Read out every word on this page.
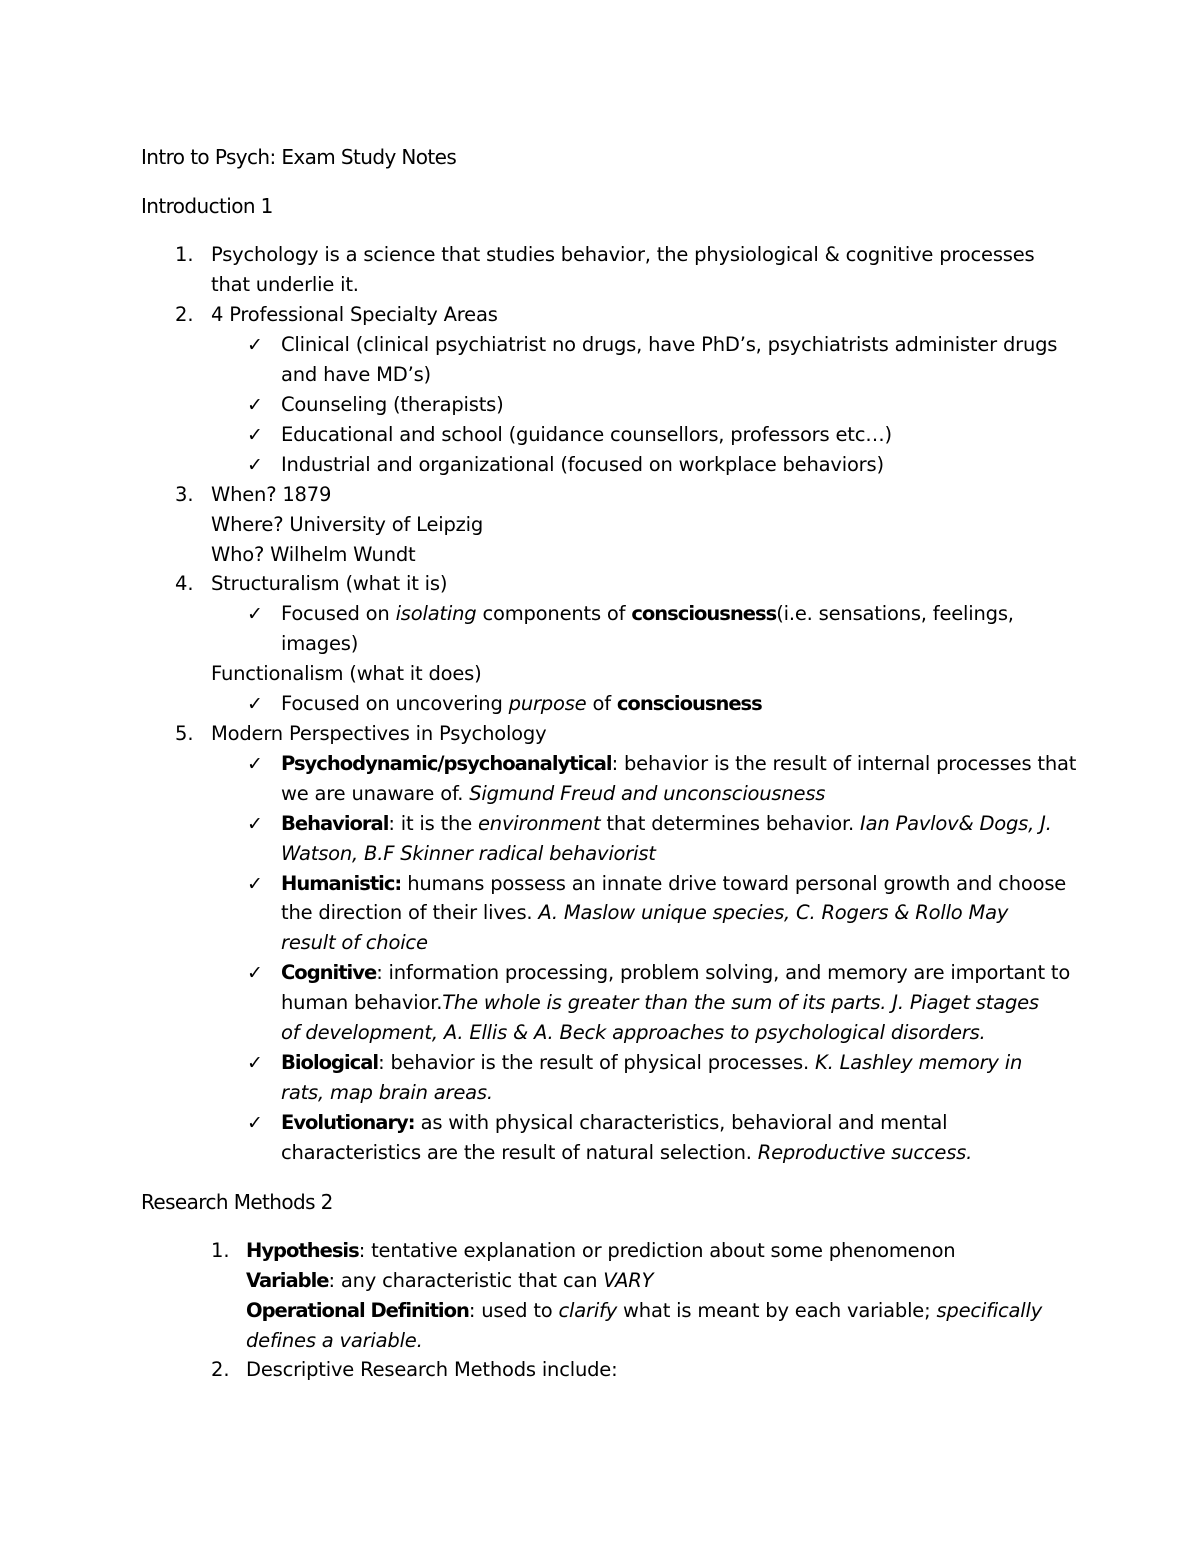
Intro to Psych: Exam Study Notes
Introduction 1
1. Psychology is a science that studies behavior, the physiological & cognitive processes
that underlie it.
2. 4 Professional Specialty Areas
✓ Clinical (clinical psychiatrist no drugs, have PhD’s, psychiatrists administer drugs
and have MD’s)
✓ Counseling (therapists)
✓ Educational and school (guidance counsellors, professors etc…)
✓ Industrial and organizational (focused on workplace behaviors)
3. When? 1879
Where? University of Leipzig
Who? Wilhelm Wundt
4. Structuralism (what it is)
✓ Focused on isolating components of consciousness(i.e. sensations, feelings,
images)
Functionalism (what it does)
✓ Focused on uncovering purpose of consciousness
5. Modern Perspectives in Psychology
✓ Psychodynamic/psychoanalytical: behavior is the result of internal processes that
we are unaware of. Sigmund Freud and unconsciousness
✓ Behavioral: it is the environment that determines behavior. Ian Pavlov& Dogs, J.
Watson, B.F Skinner radical behaviorist
✓ Humanistic: humans possess an innate drive toward personal growth and choose
the direction of their lives. A. Maslow unique species, C. Rogers & Rollo May
result of choice
✓ Cognitive: information processing, problem solving, and memory are important to
human behavior.The whole is greater than the sum of its parts. J. Piaget stages
of development, A. Ellis & A. Beck approaches to psychological disorders.
✓ Biological: behavior is the result of physical processes. K. Lashley memory in
rats, map brain areas.
✓ Evolutionary: as with physical characteristics, behavioral and mental
characteristics are the result of natural selection. Reproductive success.
Research Methods 2
1. Hypothesis: tentative explanation or prediction about some phenomenon
Variable: any characteristic that can VARY
Operational Definition: used to clarify what is meant by each variable; specifically
defines a variable.
2. Descriptive Research Methods include:
